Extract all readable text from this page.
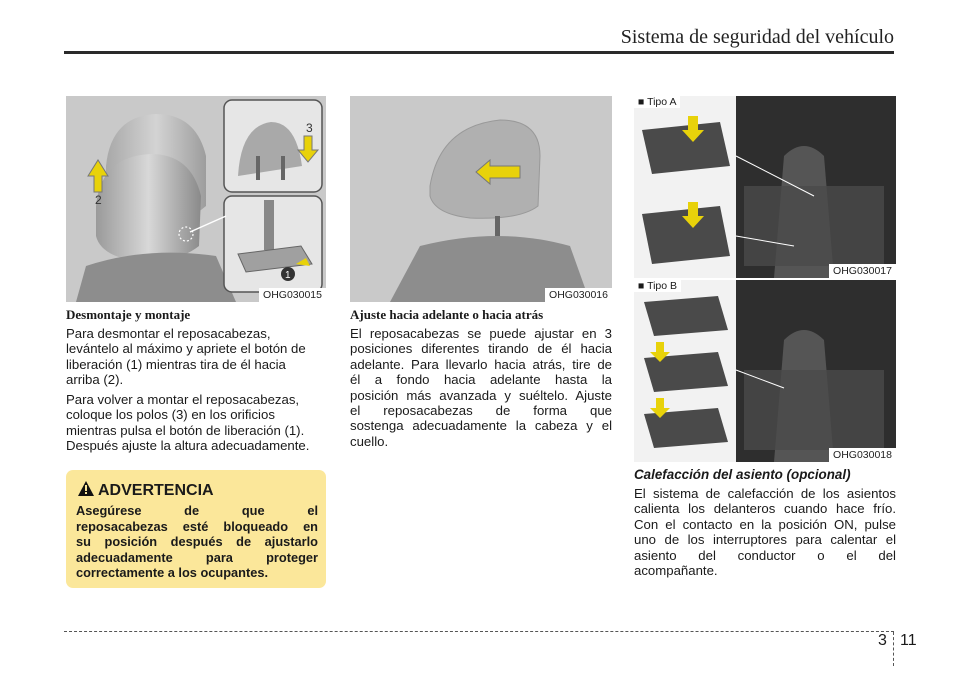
Sistema de seguridad del vehículo
2
3
1
OHG030015	OHG030016
■ Tipo A
OHG030017
■ Tipo B
OHG030018
Desmontaje y montaje

Para desmontar el reposacabezas,
levántelo al máximo y apriete el botón de
liberación (1) mientras tira de él hacia
arriba (2).

Para volver a montar el reposacabezas,
coloque los polos (3) en los orificios
mientras pulsa el botón de liberación (1).
Después ajuste la altura adecuadamente.

ADVERTENCIA
Asegúrese de que el
reposacabezas esté bloqueado en
su posición después de ajustarlo
adecuadamente para proteger
correctamente a los ocupantes.
Ajuste hacia adelante o hacia atrás

El reposacabezas se puede ajustar en 3
posiciones diferentes tirando de él hacia
adelante. Para llevarlo hacia atrás, tire de
él a fondo hacia adelante hasta la
posición más avanzada y suéltelo. Ajuste
el reposacabezas de forma que
sostenga adecuadamente la cabeza y el
cuello.

Calefacción del asiento (opcional)

El sistema de calefacción de los asientos
calienta los delanteros cuando hace frío.
Con el contacto en la posición ON, pulse
uno de los interruptores para calentar el
asiento del conductor o el del
acompañante.

3 11
